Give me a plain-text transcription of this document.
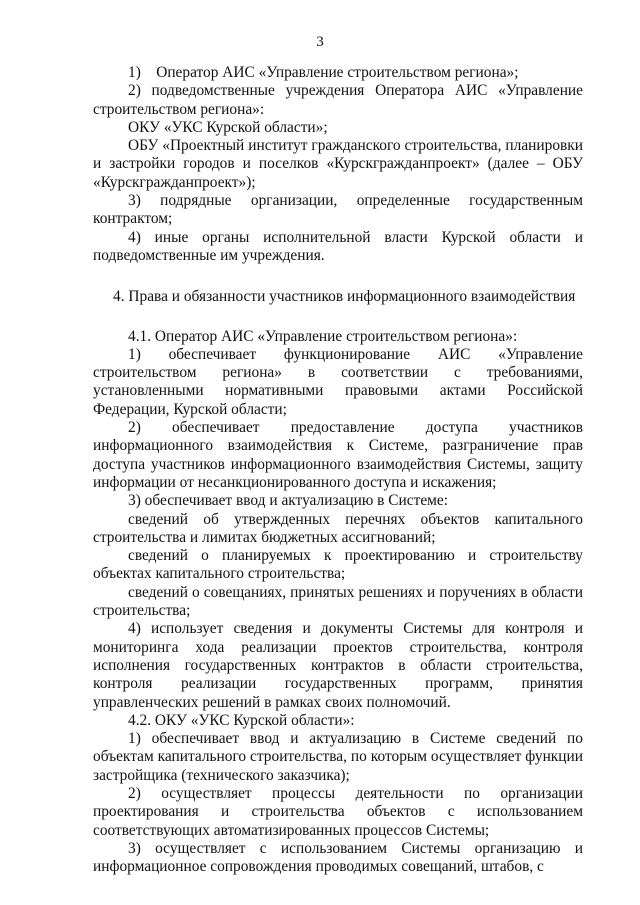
3

1)    Оператор АИС «Управление строительством региона»;

2) подведомственные учреждения Оператора АИС «Управление строительством региона»:

ОКУ «УКС Курской области»;

ОБУ «Проектный институт гражданского строительства, планировки и застройки городов и поселков «Курскгражданпроект» (далее – ОБУ «Курскгражданпроект»);

3) подрядные организации, определенные государственным контрактом;

4) иные органы исполнительной власти Курской области и подведомственные им учреждения.

4. Права и обязанности участников информационного взаимодействия

4.1. Оператор АИС «Управление строительством региона»:

1) обеспечивает функционирование АИС «Управление строительством региона» в соответствии с требованиями, установленными нормативными правовыми актами Российской Федерации, Курской области;

2) обеспечивает предоставление доступа участников информационного взаимодействия к Системе, разграничение прав доступа участников информационного взаимодействия Системы, защиту информации от несанкционированного доступа и искажения;

3) обеспечивает ввод и актуализацию в Системе:

сведений об утвержденных перечнях объектов капитального строительства и лимитах бюджетных ассигнований;

сведений о планируемых к проектированию и строительству объектах капитального строительства;

сведений о совещаниях, принятых решениях и поручениях в области строительства;

4) использует сведения и документы Системы для контроля и мониторинга хода реализации проектов строительства, контроля исполнения государственных контрактов в области строительства, контроля реализации государственных программ, принятия управленческих решений в рамках своих полномочий.

4.2. ОКУ «УКС Курской области»:

1) обеспечивает ввод и актуализацию в Системе сведений по объектам капитального строительства, по которым осуществляет функции застройщика (технического заказчика);

2) осуществляет процессы деятельности по организации проектирования и строительства объектов с использованием соответствующих автоматизированных процессов Системы;

3) осуществляет с использованием Системы организацию и информационное сопровождения проводимых совещаний, штабов, с
